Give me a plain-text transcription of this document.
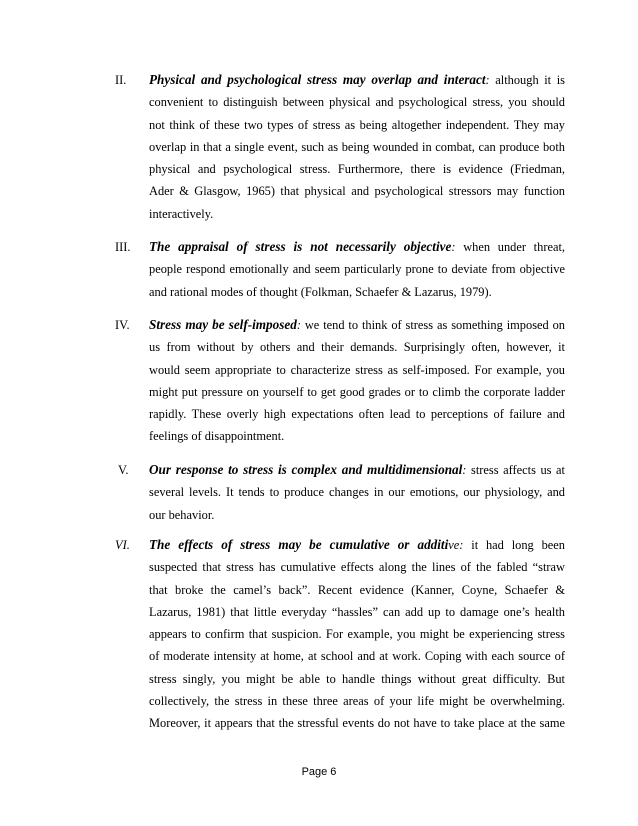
II.	Physical and psychological stress may overlap and interact: although it is
convenient to distinguish between physical and psychological stress, you should
not think of these two types of stress as being altogether independent. They may
overlap in that a single event, such as being wounded in combat, can produce both
physical and psychological stress. Furthermore, there is evidence (Friedman,
Ader & Glasgow, 1965) that physical and psychological stressors may function
interactively.
III.	The appraisal of stress is not necessarily objective: when under threat,
people respond emotionally and seem particularly prone to deviate from objective
and rational modes of thought (Folkman, Schaefer & Lazarus, 1979).
IV.	Stress may be self-imposed: we tend to think of stress as something imposed on
us from without by others and their demands. Surprisingly often, however, it
would seem appropriate to characterize stress as self-imposed. For example, you
might put pressure on yourself to get good grades or to climb the corporate ladder
rapidly. These overly high expectations often lead to perceptions of failure and
feelings of disappointment.
V.	Our response to stress is complex and multidimensional: stress affects us at
several levels. It tends to produce changes in our emotions, our physiology, and
our behavior.
VI.	The effects of stress may be cumulative or additive: it had long been
suspected that stress has cumulative effects along the lines of the fabled “straw
that broke the camel’s back”. Recent evidence (Kanner, Coyne, Schaefer &
Lazarus, 1981) that little everyday “hassles” can add up to damage one’s health
appears to confirm that suspicion. For example, you might be experiencing stress
of moderate intensity at home, at school and at work. Coping with each source of
stress singly, you might be able to handle things without great difficulty. But
collectively, the stress in these three areas of your life might be overwhelming.
Moreover, it appears that the stressful events do not have to take place at the same
Page 6
